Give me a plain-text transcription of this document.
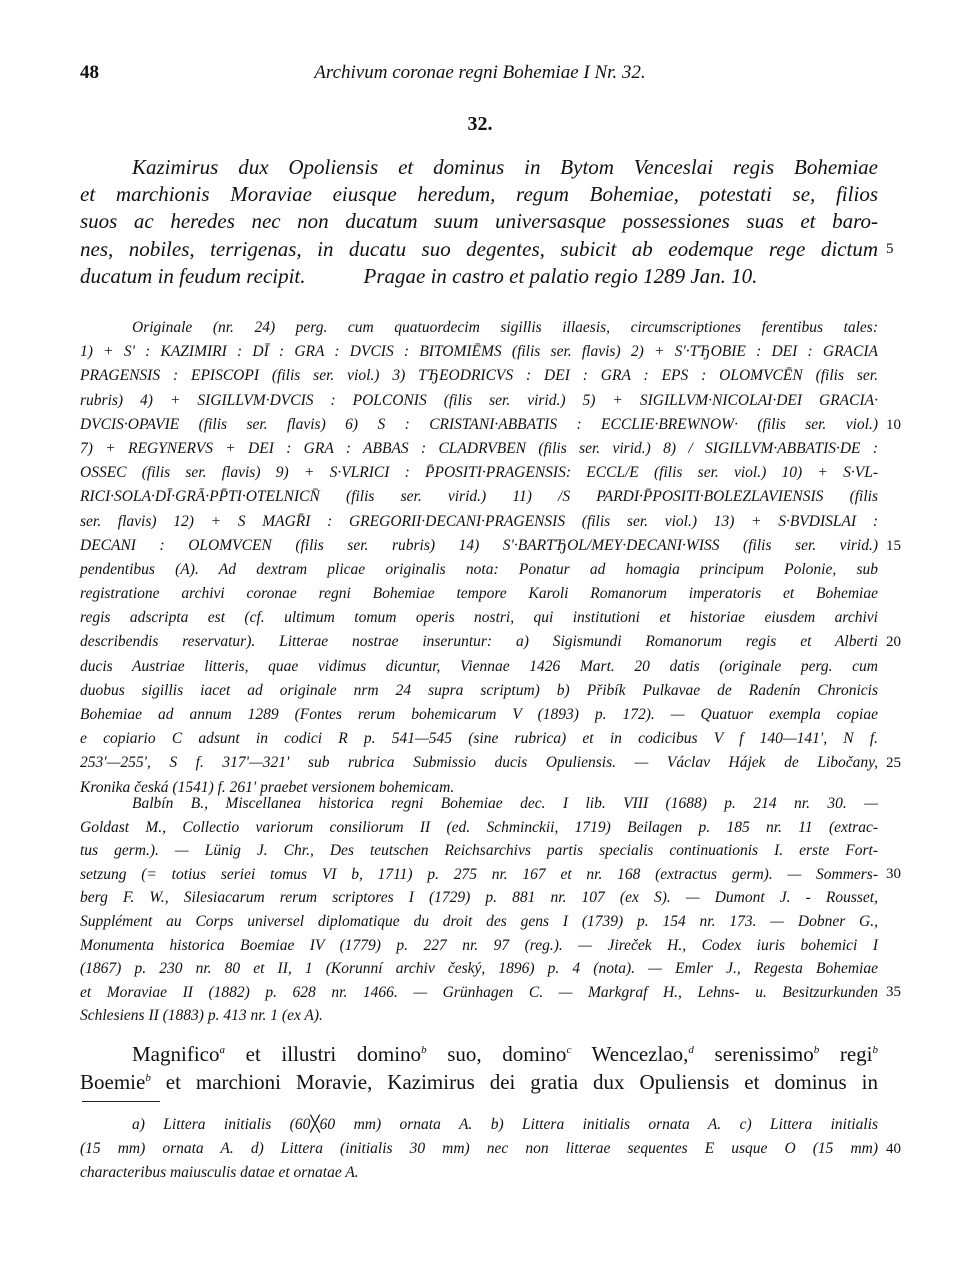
48	Archivum coronae regni Bohemiae I Nr. 32.
32.
Kazimirus dux Opoliensis et dominus in Bytom Venceslai regis Bohemiae
et marchionis Moraviae eiusque heredum, regum Bohemiae, potestati se, filios
suos ac heredes nec non ducatum suum universasque possessiones suas et baro-
nes, nobiles, terrigenas, in ducatu suo degentes, subicit ab eodemque rege dictum 5
ducatum in feudum recipit.	Pragae in castro et palatio regio 1289 Jan. 10.
Originale (nr. 24) perg. cum quatuordecim sigillis illaesis, circumscriptiones ferentibus tales:
1) + S' : KAZIMIRI : DĪ : GRA : DVCIS : BITOMIĒMS (filis ser. flavis) 2) + S'·TЂOBIE : DEI : GRACIA
PRAGENSIS : EPISCOPI (filis ser. viol.) 3) TЂEODRICVS : DEI : GRA : EPS : OLOMVCĒN (filis ser.
rubris) 4) + SIGILLVM·DVCIS : POLCONIS (filis ser. virid.) 5) + SIGILLVM·NICOLAI·DEI GRACIA·
DVCIS·OPAVIE (filis ser. flavis) 6) S : CRISTANI·ABBATIS : ECCLIE·BREWNOW· (filis ser. viol.) 10
7) + REGYNERVS + DEI : GRA : ABBAS : CLADRVBEN (filis ser. virid.) 8) / SIGILLVM·ABBATIS·DE :
OSSEC (filis ser. flavis) 9) + S·VLRICI : P̄POSITI·PRAGENSIS: ECCL/E (filis ser. viol.) 10) + S·VL-
RICI·SOLA·DĪ·GRĀ·PP̄TI·OTELNICN̄ (filis ser. virid.) 11) /S PARDI·P̄POSITI·BOLEZLAVIENSIS (filis
ser. flavis) 12) + S MAGR̄I : GREGORII·DECANI·PRAGENSIS (filis ser. viol.) 13) + S·BVDISLAI :
DECANI : OLOMVCEN (filis ser. rubris) 14) S'·BARTЂOL/MEY·DECANI·WISS (filis ser. virid.) 15
pendentibus (A). Ad dextram plicae originalis nota: Ponatur ad homagia principum Polonie, sub
registratione archivi coronae regni Bohemiae tempore Karoli Romanorum imperatoris et Bohemiae
regis adscripta est (cf. ultimum tomum operis nostri, qui institutioni et historiae eiusdem archivi
describendis reservatur). Litterae nostrae inseruntur: a) Sigismundi Romanorum regis et Alberti 20
ducis Austriae litteris, quae vidimus dicuntur, Viennae 1426 Mart. 20 datis (originale perg. cum
duobus sigillis iacet ad originale nrm 24 supra scriptum) b) Přibík Pulkavae de Radenín Chronicis
Bohemiae ad annum 1289 (Fontes rerum bohemicarum V (1893) p. 172). — Quatuor exempla copiae
e copiario C adsunt in codici R p. 541—545 (sine rubrica) et in codicibus V f 140—141', N f.
253'—255', S f. 317'—321' sub rubrica Submissio ducis Opuliensis. — Václav Hájek de Libočany, 25
Kronika česká (1541) f. 261' praebet versionem bohemicam.
Balbín B., Miscellanea historica regni Bohemiae dec. I lib. VIII (1688) p. 214 nr. 30. —
Goldast M., Collectio variorum consiliorum II (ed. Schminckii, 1719) Beilagen p. 185 nr. 11 (extrac-
tus germ.). — Lünig J. Chr., Des teutschen Reichsarchivs partis specialis continuationis I. erste Fort-
setzung (= totius seriei tomus VI b, 1711) p. 275 nr. 167 et nr. 168 (extractus germ). — Sommers- 30
berg F. W., Silesiacarum rerum scriptores I (1729) p. 881 nr. 107 (ex S). — Dumont J. - Rousset,
Supplément au Corps universel diplomatique du droit des gens I (1739) p. 154 nr. 173. — Dobner G.,
Monumenta historica Boemiae IV (1779) p. 227 nr. 97 (reg.). — Jireček H., Codex iuris bohemici I
(1867) p. 230 nr. 80 et II, 1 (Korunní archiv český, 1896) p. 4 (nota). — Emler J., Regesta Bohemiae
et Moraviae II (1882) p. 628 nr. 1466. — Grünhagen C. — Markgraf H., Lehns- u. Besitzurkunden 35
Schlesiens II (1883) p. 413 nr. 1 (ex A).
Magnifico$^a$ et illustri domino$^b$ suo, domino$^c$ Wencezlao,$^d$ serenissimo$^b$ regi$^b$
Boemie$^b$ et marchioni Moravie, Kazimirus dei gratia dux Opuliensis et dominus in
a) Littera initialis (60╳60 mm) ornata A. b) Littera initialis ornata A. c) Littera initialis
(15 mm) ornata A. d) Littera (initialis 30 mm) nec non litterae sequentes E usque O (15 mm) 40
characteribus maiusculis datae et ornatae A.
